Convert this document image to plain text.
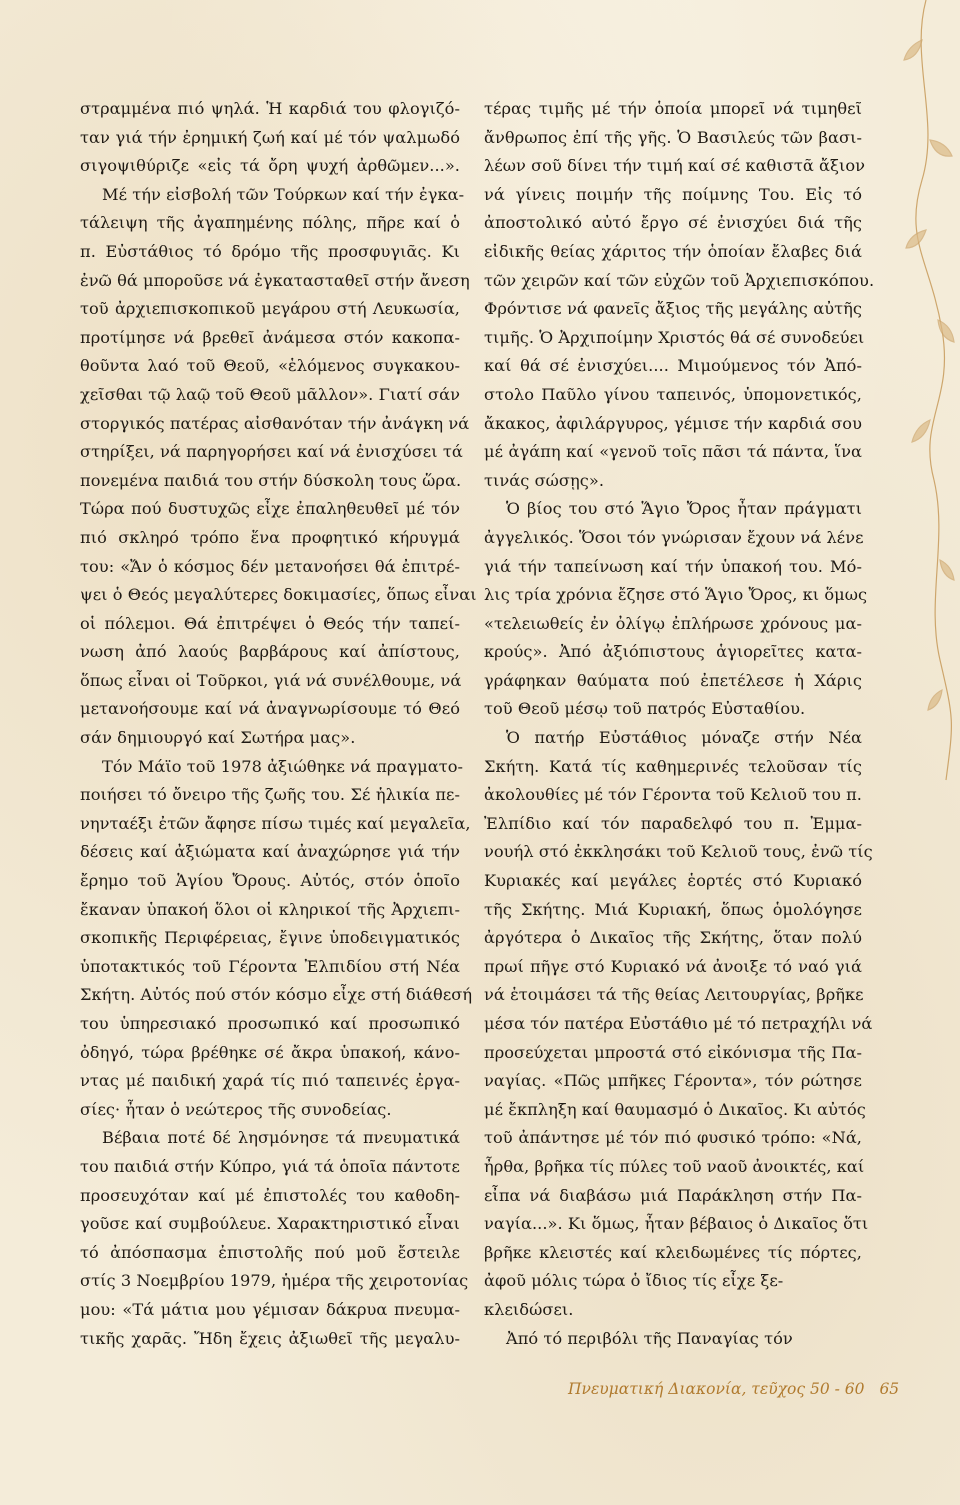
στραμμένα πιό ψηλά. Ἡ καρδιά του φλογιζό-
ταν γιά τήν ἐρημική ζωή καί μέ τόν ψαλμωδό
σιγοψιθύριζε «εἰς τά ὄρη ψυχή ἀρθῶμεν...».
Μέ τήν εἰσβολή τῶν Τούρκων καί τήν ἐγκα-
τάλειψη τῆς ἀγαπημένης πόλης, πῆρε καί ὁ
π. Εὐστάθιος τό δρόμο τῆς προσφυγιᾶς. Κι
ἐνῶ θά μποροῦσε νά ἐγκατασταθεῖ στήν ἄνεση
τοῦ ἀρχιεπισκοπικοῦ μεγάρου στή Λευκωσία,
προτίμησε νά βρεθεῖ ἀνάμεσα στόν κακοπα-
θοῦντα λαό τοῦ Θεοῦ, «ἑλόμενος συγκακου-
χεῖσθαι τῷ λαῷ τοῦ Θεοῦ μᾶλλον». Γιατί σάν
στοργικός πατέρας αἰσθανόταν τήν ἀνάγκη νά
στηρίξει, νά παρηγορήσει καί νά ἐνισχύσει τά
πονεμένα παιδιά του στήν δύσκολη τους ὥρα.
Τώρα πού δυστυχῶς εἶχε ἐπαληθευθεῖ μέ τόν
πιό σκληρό τρόπο ἕνα προφητικό κήρυγμά
του: «Ἄν ὁ κόσμος δέν μετανοήσει θά ἐπιτρέ-
ψει ὁ Θεός μεγαλύτερες δοκιμασίες, ὅπως εἶναι
οἱ πόλεμοι. Θά ἐπιτρέψει ὁ Θεός τήν ταπεί-
νωση ἀπό λαούς βαρβάρους καί ἀπίστους,
ὅπως εἶναι οἱ Τοῦρκοι, γιά νά συνέλθουμε, νά
μετανοήσουμε καί νά ἀναγνωρίσουμε τό Θεό
σάν δημιουργό καί Σωτήρα μας».
Τόν Μάϊο τοῦ 1978 ἀξιώθηκε νά πραγματο-
ποιήσει τό ὄνειρο τῆς ζωῆς του. Σέ ἡλικία πε-
νηνταέξι ἐτῶν ἄφησε πίσω τιμές καί μεγαλεῖα,
δέσεις καί ἀξιώματα καί ἀναχώρησε γιά τήν
ἔρημο τοῦ Ἁγίου Ὄρους. Αὐτός, στόν ὁποῖο
ἔκαναν ὑπακοή ὅλοι οἱ κληρικοί τῆς Ἀρχιεπι-
σκοπικῆς Περιφέρειας, ἔγινε ὑποδειγματικός
ὑποτακτικός τοῦ Γέροντα Ἐλπιδίου στή Νέα
Σκήτη. Αὐτός πού στόν κόσμο εἶχε στή διάθεσή
του ὑπηρεσιακό προσωπικό καί προσωπικό
ὀδηγό, τώρα βρέθηκε σέ ἄκρα ὑπακοή, κάνο-
ντας μέ παιδική χαρά τίς πιό ταπεινές ἐργα-
σίες· ἦταν ὁ νεώτερος τῆς συνοδείας.
Βέβαια ποτέ δέ λησμόνησε τά πνευματικά
του παιδιά στήν Κύπρο, γιά τά ὁποῖα πάντοτε
προσευχόταν καί μέ ἐπιστολές του καθοδη-
γοῦσε καί συμβούλευε. Χαρακτηριστικό εἶναι
τό ἀπόσπασμα ἐπιστολῆς πού μοῦ ἔστειλε
στίς 3 Νοεμβρίου 1979, ἡμέρα τῆς χειροτονίας
μου: «Τά μάτια μου γέμισαν δάκρυα πνευμα-
τικῆς χαρᾶς. Ἤδη ἔχεις ἀξιωθεῖ τῆς μεγαλυ-
τέρας τιμῆς μέ τήν ὁποία μπορεῖ νά τιμηθεῖ
ἄνθρωπος ἐπί τῆς γῆς. Ὁ Βασιλεύς τῶν βασι-
λέων σοῦ δίνει τήν τιμή καί σέ καθιστᾶ ἄξιον
νά γίνεις ποιμήν τῆς ποίμνης Του. Εἰς τό
ἀποστολικό αὐτό ἔργο σέ ἐνισχύει διά τῆς
εἰδικῆς θείας χάριτος τήν ὁποίαν ἔλαβες διά
τῶν χειρῶν καί τῶν εὐχῶν τοῦ Ἀρχιεπισκόπου.
Φρόντισε νά φανεῖς ἄξιος τῆς μεγάλης αὐτῆς
τιμῆς. Ὁ Ἀρχιποίμην Χριστός θά σέ συνοδεύει
καί θά σέ ἐνισχύει.... Μιμούμενος τόν Ἀπό-
στολο Παῦλο γίνου ταπεινός, ὑπομονετικός,
ἄκακος, ἀφιλάργυρος, γέμισε τήν καρδιά σου
μέ ἀγάπη καί «γενοῦ τοῖς πᾶσι τά πάντα, ἵνα
τινάς σώσῃς».
Ὁ βίος του στό Ἅγιο Ὄρος ἦταν πράγματι
ἀγγελικός. Ὅσοι τόν γνώρισαν ἔχουν νά λένε
γιά τήν ταπείνωση καί τήν ὑπακοή του. Μό-
λις τρία χρόνια ἔζησε στό Ἅγιο Ὄρος, κι ὅμως
«τελειωθείς ἐν ὀλίγῳ ἐπλήρωσε χρόνους μα-
κρούς». Ἀπό ἀξιόπιστους ἁγιορεῖτες κατα-
γράφηκαν θαύματα πού ἐπετέλεσε ἡ Χάρις
τοῦ Θεοῦ μέσῳ τοῦ πατρός Εὐσταθίου.
Ὁ πατήρ Εὐστάθιος μόναζε στήν Νέα
Σκήτη. Κατά τίς καθημερινές τελοῦσαν τίς
ἀκολουθίες μέ τόν Γέροντα τοῦ Κελιοῦ του π.
Ἐλπίδιο καί τόν παραδελφό του π. Ἐμμα-
νουήλ στό ἐκκλησάκι τοῦ Κελιοῦ τους, ἐνῶ τίς
Κυριακές καί μεγάλες ἑορτές στό Κυριακό
τῆς Σκήτης. Μιά Κυριακή, ὅπως ὁμολόγησε
ἀργότερα ὁ Δικαῖος τῆς Σκήτης, ὅταν πολύ
πρωί πῆγε στό Κυριακό νά ἀνοιξε τό ναό γιά
νά ἑτοιμάσει τά τῆς θείας Λειτουργίας, βρῆκε
μέσα τόν πατέρα Εὐστάθιο μέ τό πετραχήλι νά
προσεύχεται μπροστά στό εἰκόνισμα τῆς Πα-
ναγίας. «Πῶς μπῆκες Γέροντα», τόν ρώτησε
μέ ἔκπληξη καί θαυμασμό ὁ Δικαῖος. Κι αὐτός
τοῦ ἀπάντησε μέ τόν πιό φυσικό τρόπο: «Νά,
ἦρθα, βρῆκα τίς πύλες τοῦ ναοῦ ἀνοικτές, καί
εἶπα νά διαβάσω μιά Παράκληση στήν Πα-
ναγία...». Κι ὅμως, ἦταν βέβαιος ὁ Δικαῖος ὅτι
βρῆκε κλειστές καί κλειδωμένες τίς πόρτες,
ἀφοῦ μόλις τώρα ὁ ἴδιος τίς εἶχε ξε-
κλειδώσει.
Ἀπό τό περιβόλι τῆς Παναγίας τόν
Πνευματική Διακονία, τεῦχος 50 - 60 65
